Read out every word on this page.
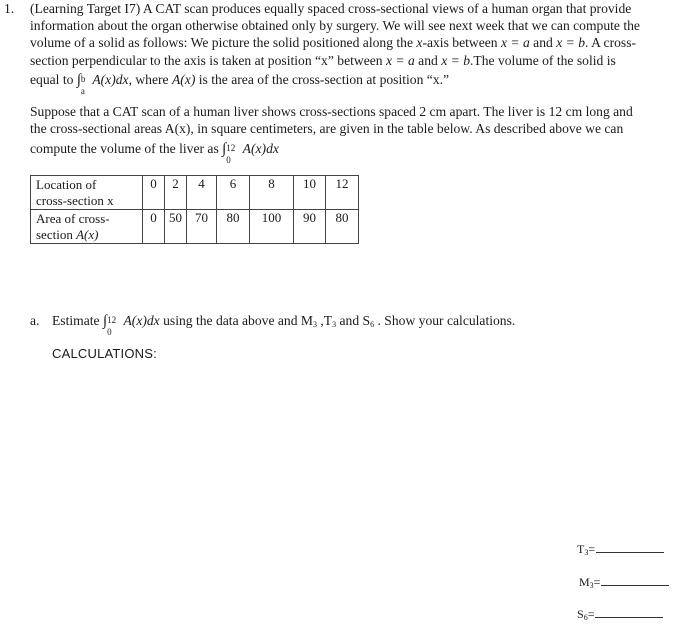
1. (Learning Target I7) A CAT scan produces equally spaced cross-sectional views of a human organ that provide
information about the organ otherwise obtained only by surgery. We will see next week that we can compute the
volume of a solid as follows: We picture the solid positioned along the x-axis between x = a and x = b. A cross-
section perpendicular to the axis is taken at position “x” between x = a and x = b.The volume of the solid is
equal to ∫ b
a
A(x)dx, where A(x) is the area of the cross-section at position “x.”
Suppose that a CAT scan of a human liver shows cross-sections spaced 2 cm apart. The liver is 12 cm long and
the cross-sectional areas A(x), in square centimeters, are given in the table below. As described above we can
compute the volume of the liver as ∫ 12
0
A(x)dx
Location of
cross-section x	0	2	4	6	8	10	12

Area of cross-
section A(x)	0	50	70	80	100	90	80
a. Estimate ∫ 12
0
A(x)dx using the data above and $M_3$ $,T_3$ and $S_6$ . Show your calculations.
CALCULATIONS:
$T_3=$
$M_3=$
$S_6=$
